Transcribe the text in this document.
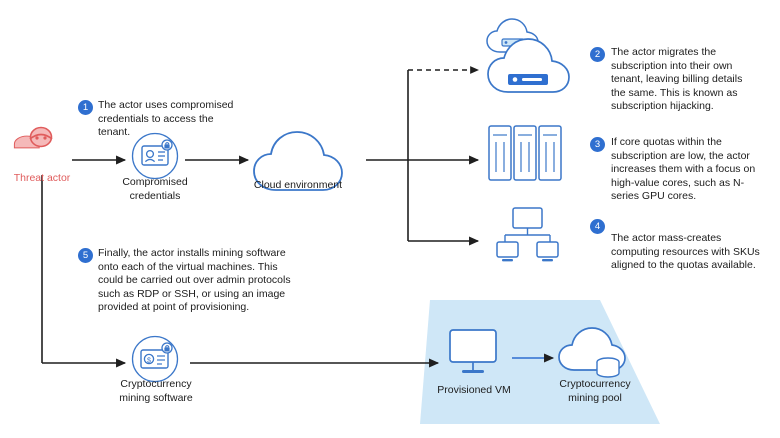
$
Threat actor	Compromised
credentials
Cloud environment
Cryptocurrency
mining software
Provisioned VM	Cryptocurrency
mining pool
1 The actor uses compromised credentials to access the tenant.
2	The actor migrates the subscription into their own tenant, leaving billing details the same. This is known as subscription hijacking.
3	If core quotas within the subscription are low, the actor increases them with a focus on high-value cores, such as N-series GPU cores.
4
The actor mass-creates computing resources with SKUs aligned to the quotas available.
5 Finally, the actor installs mining software onto each of the virtual machines. This could be carried out over admin protocols such as RDP or SSH, or using an image provided at point of provisioning.
